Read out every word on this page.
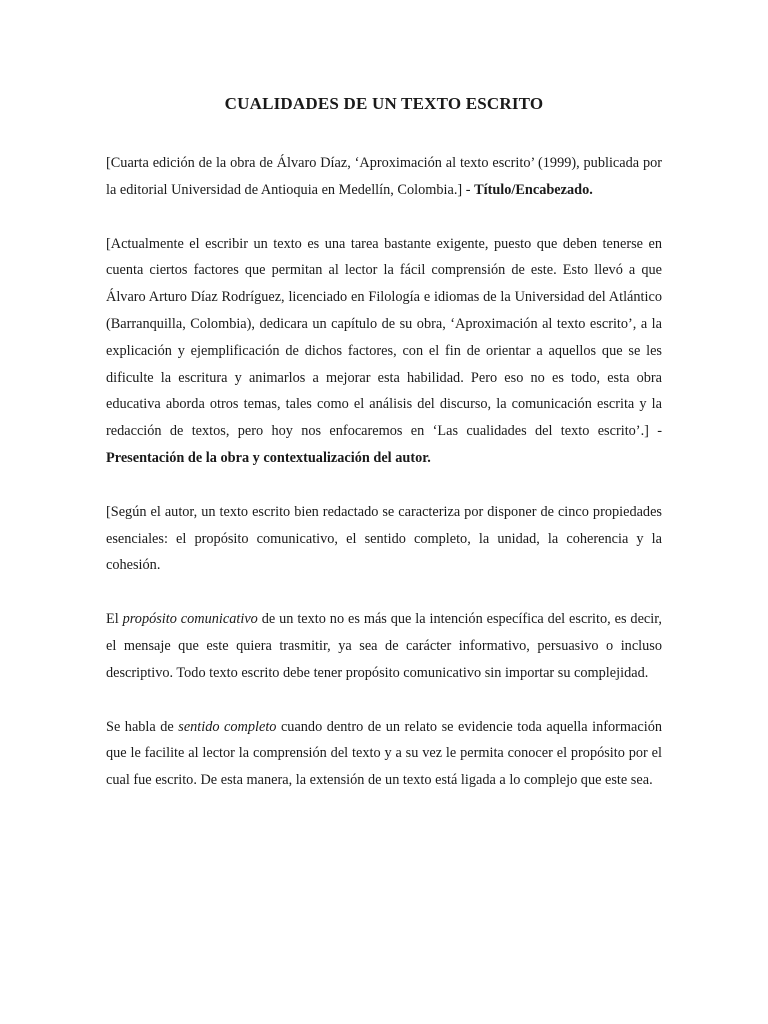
CUALIDADES DE UN TEXTO ESCRITO

[Cuarta edición de la obra de Álvaro Díaz, ‘Aproximación al texto escrito’ (1999), publicada por la editorial Universidad de Antioquia en Medellín, Colombia.] - Título/Encabezado.

[Actualmente el escribir un texto es una tarea bastante exigente, puesto que deben tenerse en cuenta ciertos factores que permitan al lector la fácil comprensión de este. Esto llevó a que Álvaro Arturo Díaz Rodríguez, licenciado en Filología e idiomas de la Universidad del Atlántico (Barranquilla, Colombia), dedicara un capítulo de su obra, ‘Aproximación al texto escrito’, a la explicación y ejemplificación de dichos factores, con el fin de orientar a aquellos que se les dificulte la escritura y animarlos a mejorar esta habilidad. Pero eso no es todo, esta obra educativa aborda otros temas, tales como el análisis del discurso, la comunicación escrita y la redacción de textos, pero hoy nos enfocaremos en ‘Las cualidades del texto escrito’.] - Presentación de la obra y contextualización del autor.

[Según el autor, un texto escrito bien redactado se caracteriza por disponer de cinco propiedades esenciales: el propósito comunicativo, el sentido completo, la unidad, la coherencia y la cohesión.

El propósito comunicativo de un texto no es más que la intención específica del escrito, es decir, el mensaje que este quiera trasmitir, ya sea de carácter informativo, persuasivo o incluso descriptivo. Todo texto escrito debe tener propósito comunicativo sin importar su complejidad.

Se habla de sentido completo cuando dentro de un relato se evidencie toda aquella información que le facilite al lector la comprensión del texto y a su vez le permita conocer el propósito por el cual fue escrito. De esta manera, la extensión de un texto está ligada a lo complejo que este sea.
